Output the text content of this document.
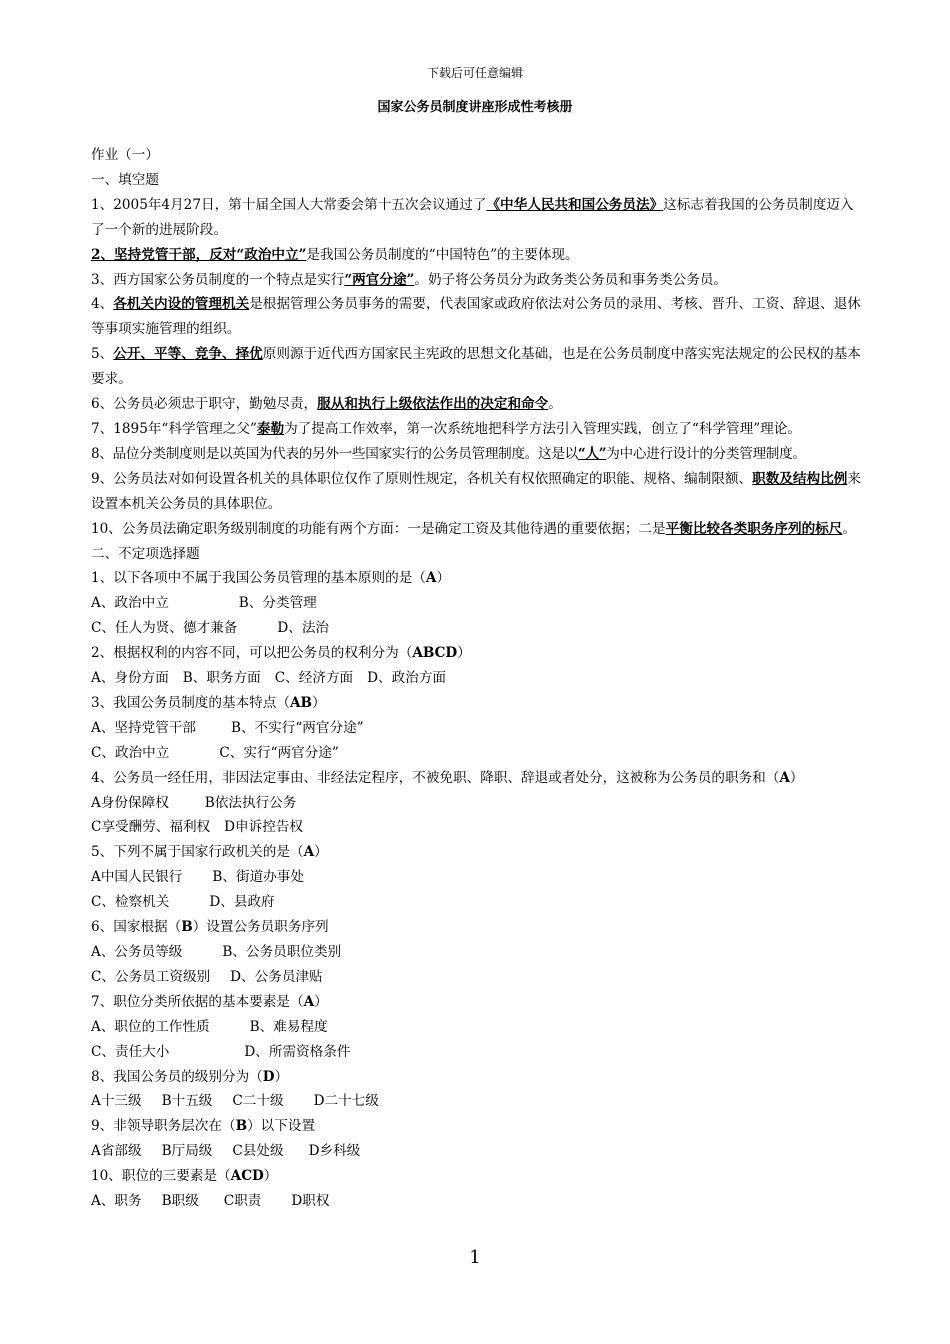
下载后可任意编辑
国家公务员制度讲座形成性考核册

作业（一）

一、填空题

1、2005年4月27日，第十届全国人大常委会第十五次会议通过了《中华人民共和国公务员法》这标志着我国的公务员制度迈入了一个新的进展阶段。

2、坚持党管干部，反对“政治中立”是我国公务员制度的“中国特色”的主要体现。

3、西方国家公务员制度的一个特点是实行“两官分途”。奶子将公务员分为政务类公务员和事务类公务员。

4、各机关内设的管理机关是根据管理公务员事务的需要，代表国家或政府依法对公务员的录用、考核、晋升、工资、辞退、退休等事项实施管理的组织。

5、公开、平等、竞争、择优原则源于近代西方国家民主宪政的思想文化基础，也是在公务员制度中落实宪法规定的公民权的基本要求。

6、公务员必须忠于职守，勤勉尽责，服从和执行上级依法作出的决定和命令。

7、1895年“科学管理之父”泰勒为了提高工作效率，第一次系统地把科学方法引入管理实践，创立了“科学管理”理论。

8、品位分类制度则是以英国为代表的另外一些国家实行的公务员管理制度。这是以“人”为中心进行设计的分类管理制度。

9、公务员法对如何设置各机关的具体职位仅作了原则性规定，各机关有权依照确定的职能、规格、编制限额、职数及结构比例来设置本机关公务员的具体职位。

10、公务员法确定职务级别制度的功能有两个方面：一是确定工资及其他待遇的重要依据；二是平衡比较各类职务序列的标尺。

二、不定项选择题

1、以下各项中不属于我国公务员管理的基本原则的是（A）

A、政治中立	B、分类管理

C、任人为贤、德才兼备	D、法治

2、根据权利的内容不同，可以把公务员的权利分为（ABCD）

A、身份方面 B、职务方面 C、经济方面 D、政治方面

3、我国公务员制度的基本特点（AB）

A、坚持党管干部	B、不实行“两官分途”

C、政治中立	C、实行“两官分途”

4、公务员一经任用，非因法定事由、非经法定程序，不被免职、降职、辞退或者处分，这被称为公务员的职务和（A）

A身份保障权	B依法执行公务

C享受酬劳、福利权 D申诉控告权

5、下列不属于国家行政机关的是（A）

A中国人民银行 B、街道办事处

C、检察机关	D、县政府

6、国家根据（B）设置公务员职务序列

A、公务员等级	B、公务员职位类别

C、公务员工资级别 D、公务员津贴

7、职位分类所依据的基本要素是（A）

A、职位的工作性质	B、难易程度

C、责任大小	D、所需资格条件

8、我国公务员的级别分为（D）

A十三级 B十五级 C二十级 D二十七级

9、非领导职务层次在（B）以下设置

A省部级 B厅局级 C县处级 D乡科级

10、职位的三要素是（ACD）

A、职务 B职级 C职责 D职权

1
